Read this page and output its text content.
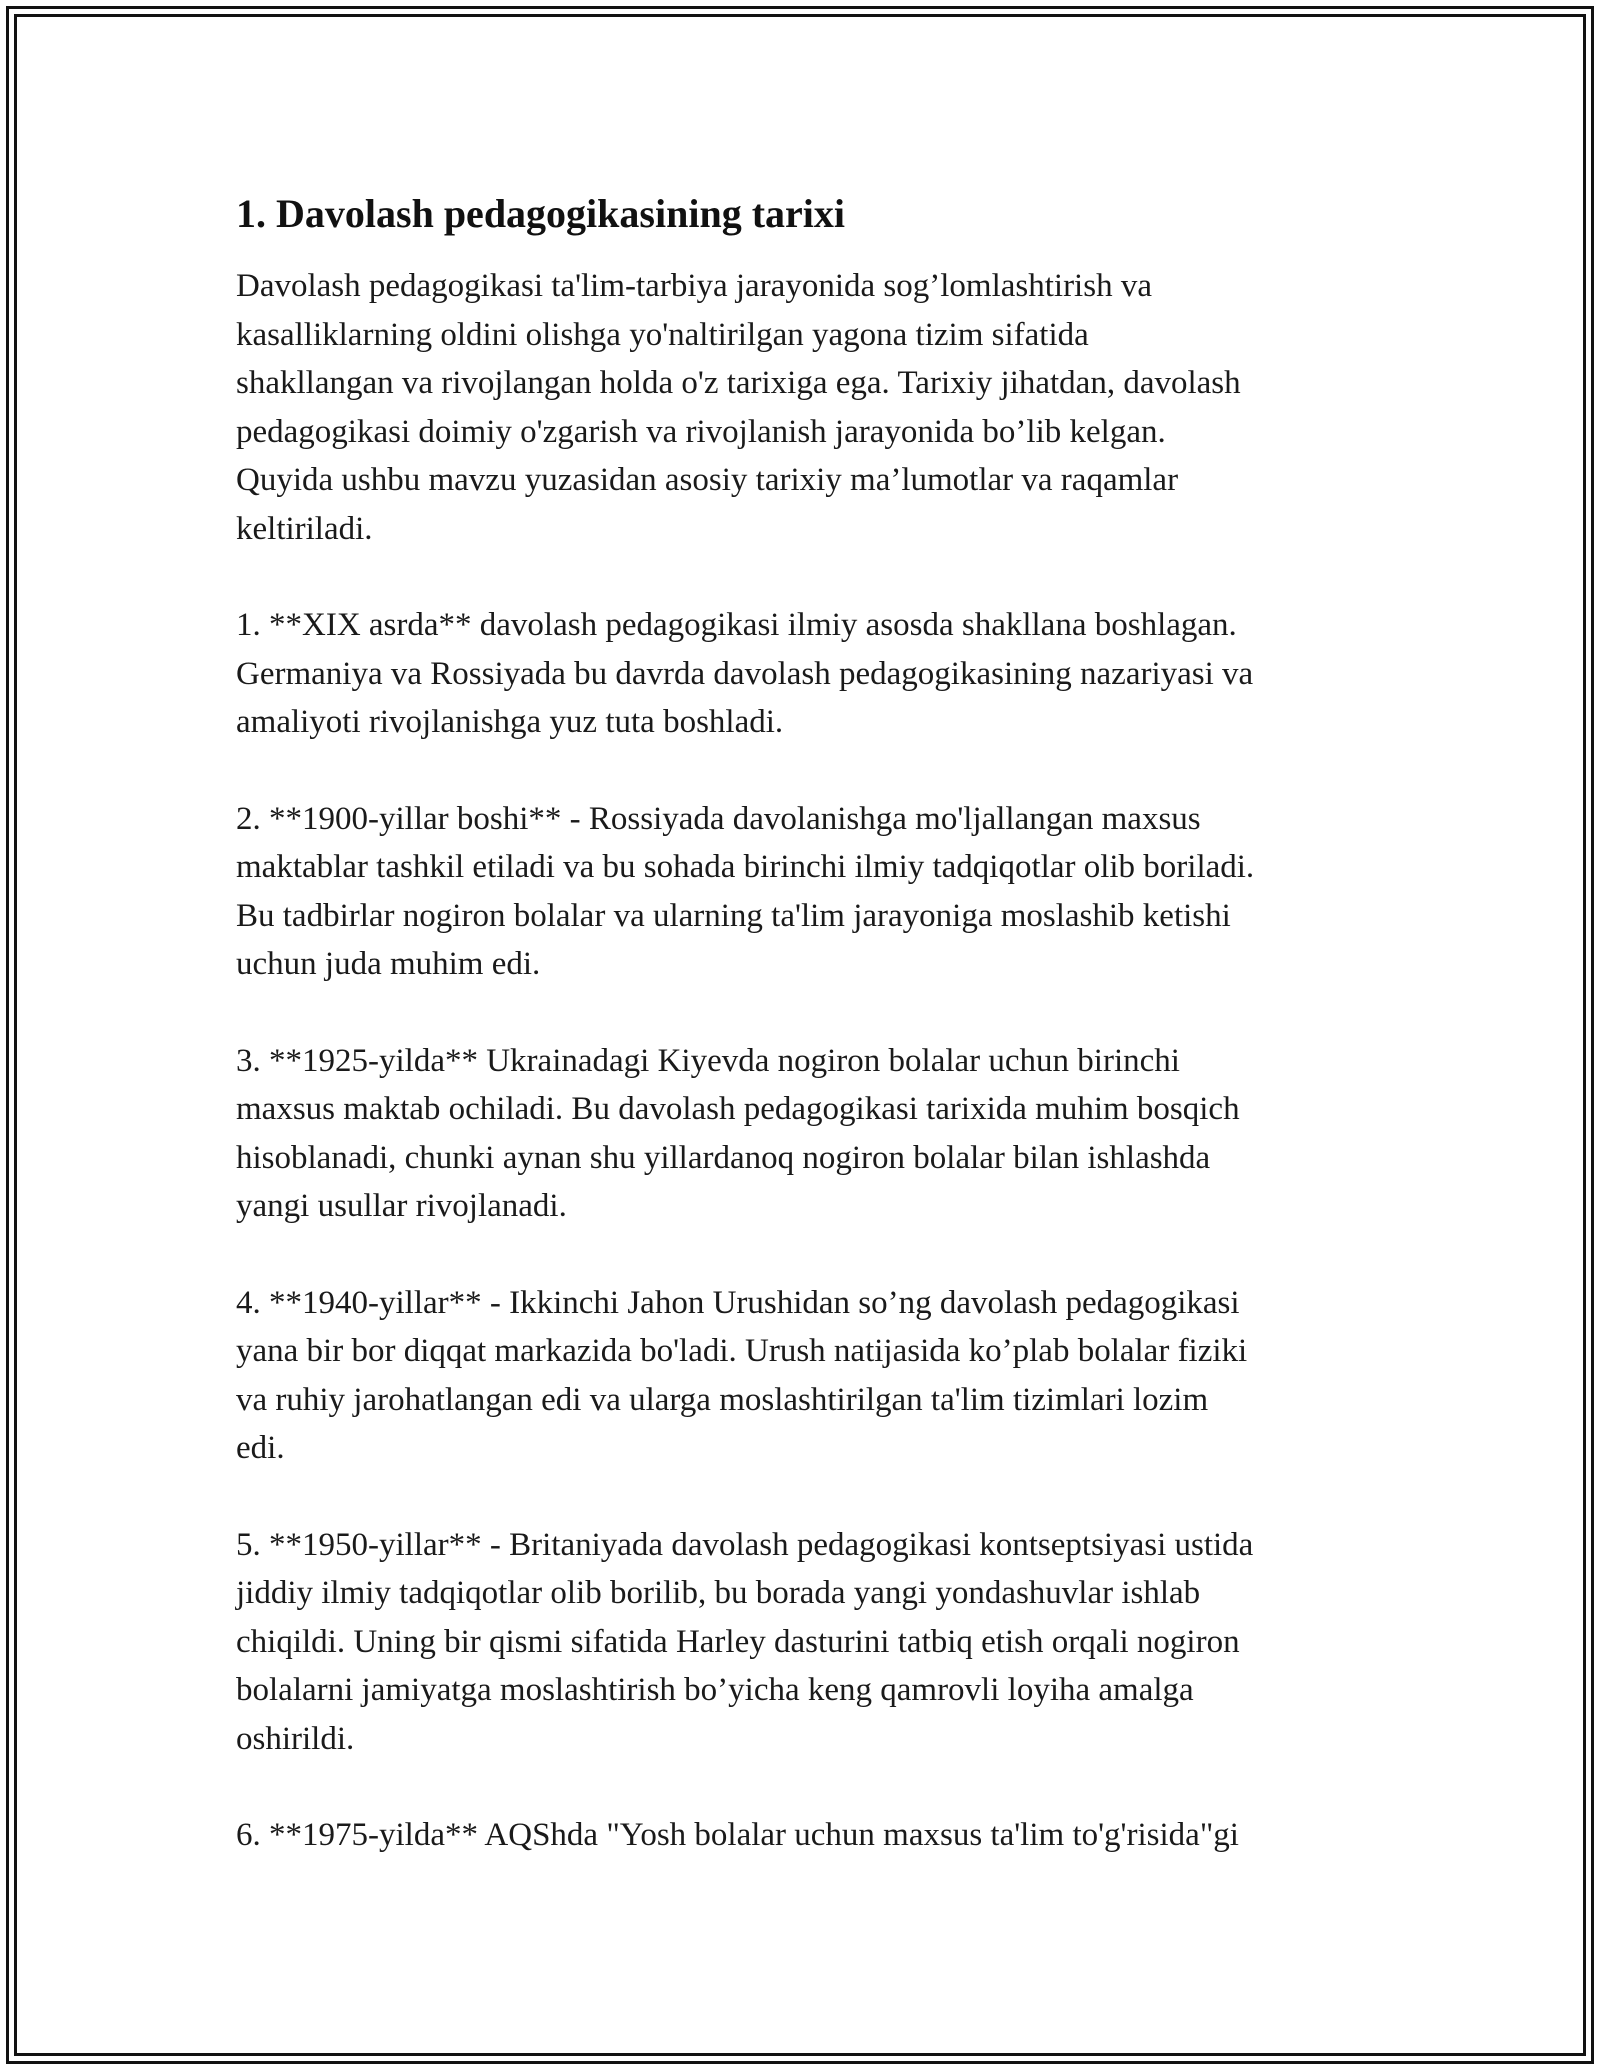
1. Davolash pedagogikasining tarixi

Davolash pedagogikasi ta'lim-tarbiya jarayonida sog’lomlashtirish va
kasalliklarning oldini olishga yo'naltirilgan yagona tizim sifatida
shakllangan va rivojlangan holda o'z tarixiga ega. Tarixiy jihatdan, davolash
pedagogikasi doimiy o'zgarish va rivojlanish jarayonida bo’lib kelgan.
Quyida ushbu mavzu yuzasidan asosiy tarixiy ma’lumotlar va raqamlar
keltiriladi.

1. **XIX asrda** davolash pedagogikasi ilmiy asosda shakllana boshlagan.
Germaniya va Rossiyada bu davrda davolash pedagogikasining nazariyasi va
amaliyoti rivojlanishga yuz tuta boshladi.

2. **1900-yillar boshi** - Rossiyada davolanishga mo'ljallangan maxsus
maktablar tashkil etiladi va bu sohada birinchi ilmiy tadqiqotlar olib boriladi.
Bu tadbirlar nogiron bolalar va ularning ta'lim jarayoniga moslashib ketishi
uchun juda muhim edi.

3. **1925-yilda** Ukrainadagi Kiyevda nogiron bolalar uchun birinchi
maxsus maktab ochiladi. Bu davolash pedagogikasi tarixida muhim bosqich
hisoblanadi, chunki aynan shu yillardanoq nogiron bolalar bilan ishlashda
yangi usullar rivojlanadi.

4. **1940-yillar** - Ikkinchi Jahon Urushidan so’ng davolash pedagogikasi
yana bir bor diqqat markazida bo'ladi. Urush natijasida ko’plab bolalar fiziki
va ruhiy jarohatlangan edi va ularga moslashtirilgan ta'lim tizimlari lozim
edi.

5. **1950-yillar** - Britaniyada davolash pedagogikasi kontseptsiyasi ustida
jiddiy ilmiy tadqiqotlar olib borilib, bu borada yangi yondashuvlar ishlab
chiqildi. Uning bir qismi sifatida Harley dasturini tatbiq etish orqali nogiron
bolalarni jamiyatga moslashtirish bo’yicha keng qamrovli loyiha amalga
oshirildi.

6. **1975-yilda** AQShda "Yosh bolalar uchun maxsus ta'lim to'g'risida"gi
